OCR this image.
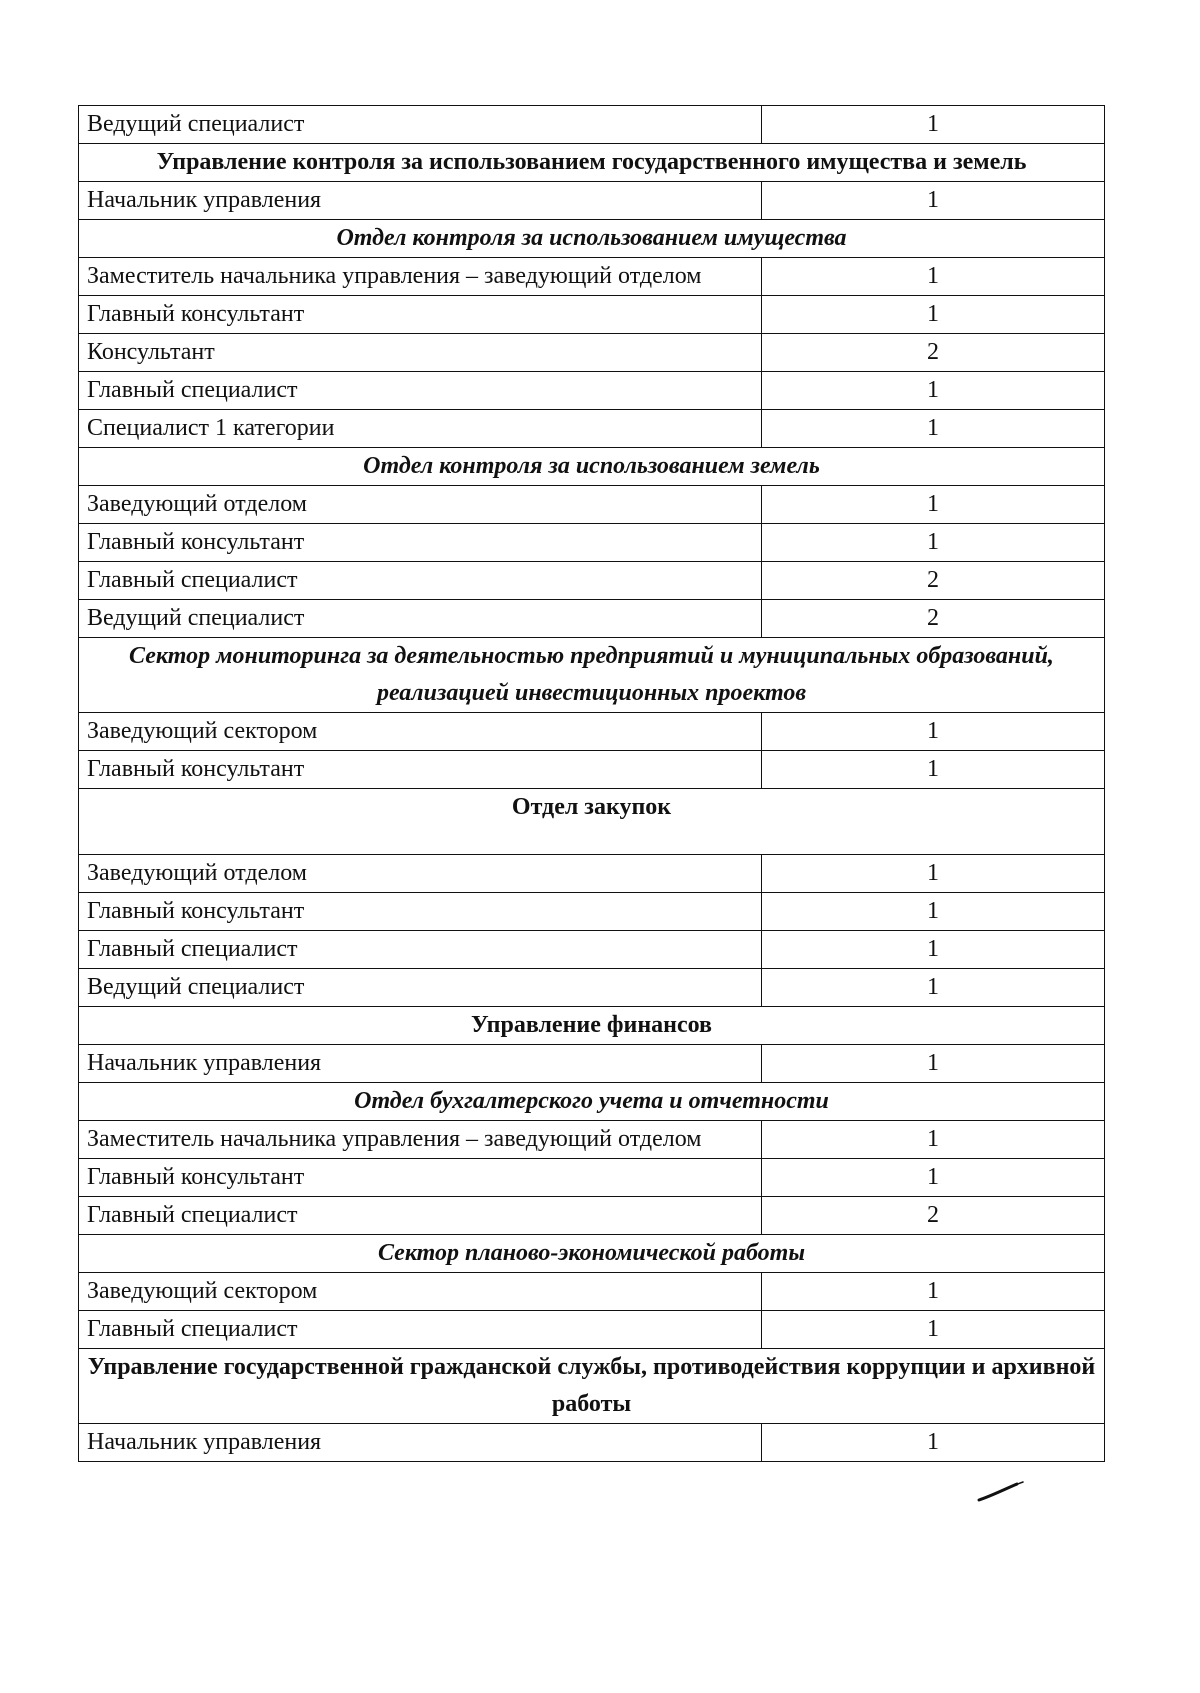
Ведущий специалист	1
Управление контроля за использованием государственного имущества и земель	
Начальник управления	1
Отдел контроля за использованием имущества	
Заместитель начальника управления – заведующий отделом	1
Главный консультант	1
Консультант	2
Главный специалист	1
Специалист 1 категории	1
Отдел контроля за использованием земель	
Заведующий отделом	1
Главный консультант	1
Главный специалист	2
Ведущий специалист	2
Сектор мониторинга за деятельностью предприятий и муниципальных образований, реализацией инвестиционных проектов	
Заведующий сектором	1
Главный консультант	1
Отдел закупок	
Заведующий отделом	1
Главный консультант	1
Главный специалист	1
Ведущий специалист	1
Управление финансов	
Начальник управления	1
Отдел бухгалтерского учета и отчетности	
Заместитель начальника управления – заведующий отделом	1
Главный консультант	1
Главный специалист	2
Сектор планово-экономической работы	
Заведующий сектором	1
Главный специалист	1
Управление государственной гражданской службы, противодействия коррупции и архивной работы	
Начальник управления	1
